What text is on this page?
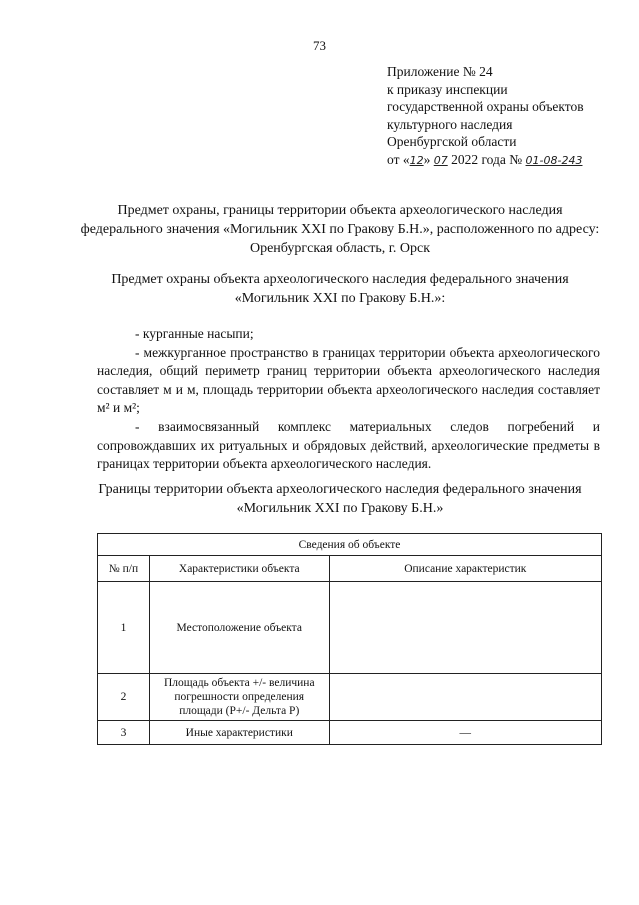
73
Приложение № 24
к приказу инспекции
государственной охраны объектов
культурного наследия
Оренбургской области
от «12» 07 2022 года № 01-08-243
Предмет охраны, границы территории объекта археологического наследия федерального значения «Могильник XXI по Гракову Б.Н.», расположенного по адресу: Оренбургская область, г. Орск
Предмет охраны объекта археологического наследия федерального значения «Могильник XXI по Гракову Б.Н.»:
- курганные насыпи;
- межкурганное пространство в границах территории объекта археологического наследия, общий периметр границ территории объекта археологического наследия составляет м и м, площадь территории объекта археологического наследия составляет м² и м²;
- взаимосвязанный комплекс материальных следов погребений и сопровождавших их ритуальных и обрядовых действий, археологические предметы в границах территории объекта археологического наследия.
Границы территории объекта археологического наследия федерального значения «Могильник XXI по Гракову Б.Н.»
Сведения об объекте		
№ п/п	Характеристики объекта	Описание характеристик
1	Местоположение объекта	
2	Площадь объекта +/- величина погрешности определения площади (Р+/- Дельта Р)	
3	Иные характеристики	—
